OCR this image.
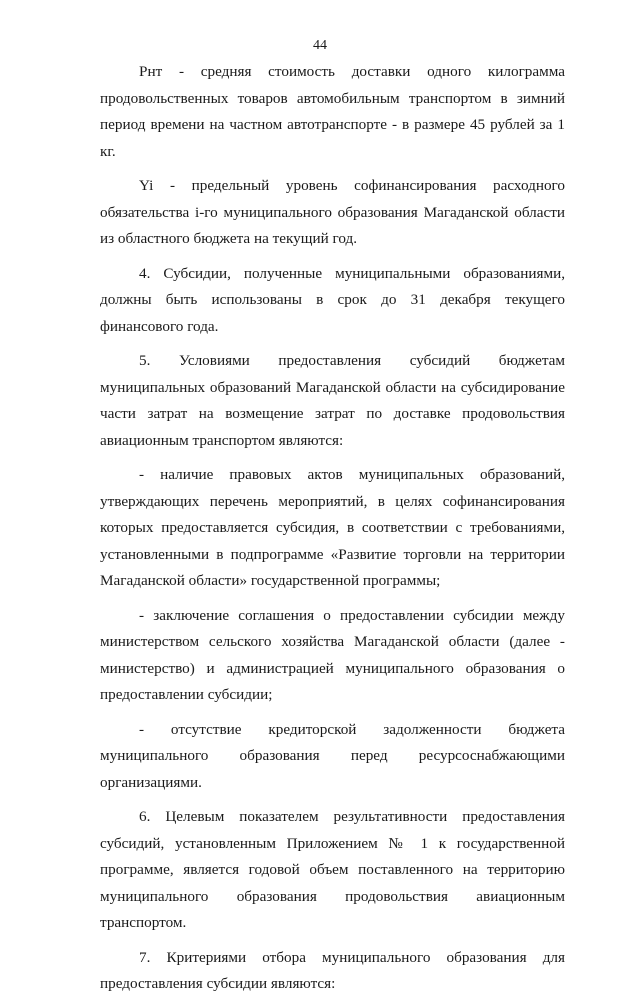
44

Рнт - средняя стоимость доставки одного килограмма продовольственных товаров автомобильным транспортом в зимний период времени на частном автотранспорте - в размере 45 рублей за 1 кг.

Yi - предельный уровень софинансирования расходного обязательства i-го муниципального образования Магаданской области из областного бюджета на текущий год.

4. Субсидии, полученные муниципальными образованиями, должны быть использованы в срок до 31 декабря текущего финансового года.

5. Условиями предоставления субсидий бюджетам муниципальных образований Магаданской области на субсидирование части затрат на возмещение затрат по доставке продовольствия авиационным транспортом являются:

- наличие правовых актов муниципальных образований, утверждающих перечень мероприятий, в целях софинансирования которых предоставляется субсидия, в соответствии с требованиями, установленными в подпрограмме «Развитие торговли на территории Магаданской области» государственной программы;

- заключение соглашения о предоставлении субсидии между министерством сельского хозяйства Магаданской области (далее - министерство) и администрацией муниципального образования о предоставлении субсидии;

- отсутствие кредиторской задолженности бюджета муниципального образования перед ресурсоснабжающими организациями.

6. Целевым показателем результативности предоставления субсидий, установленным Приложением № 1 к государственной программе, является годовой объем поставленного на территорию муниципального образования продовольствия авиационным транспортом.

7. Критериями отбора муниципального образования для предоставления субсидии являются:
